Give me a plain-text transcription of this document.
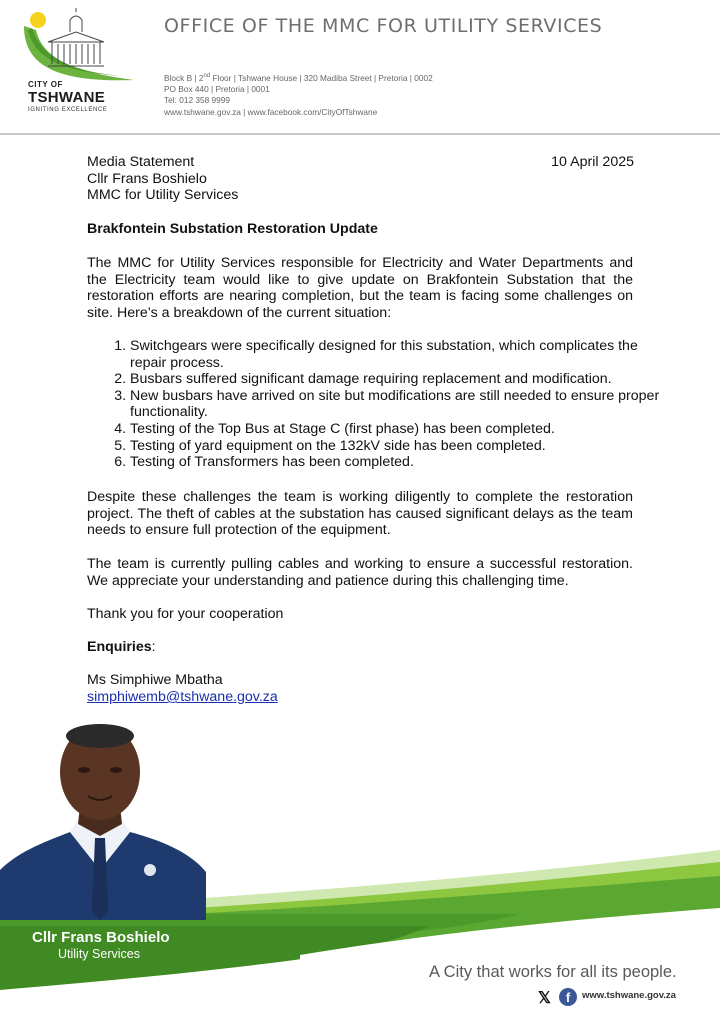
CITY OF
TSHWANE
IGNITING EXCELLENCE
OFFICE OF THE MMC FOR UTILITY SERVICES
Block B | 2nd Floor | Tshwane House | 320 Madiba Street | Pretoria | 0002
PO Box 440 | Pretoria | 0001
Tel: 012 358 9999
www.tshwane.gov.za | www.facebook.com/CityOfTshwane
Media Statement
Cllr Frans Boshielo
MMC for Utility Services
10 April 2025
Brakfontein Substation Restoration Update
The MMC for Utility Services responsible for Electricity and Water Departments and the Electricity team would like to give update on Brakfontein Substation that the restoration efforts are nearing completion, but the team is facing some challenges on site. Here’s a breakdown of the current situation:
1. Switchgears were specifically designed for this substation, which complicates the repair process.
2. Busbars suffered significant damage requiring replacement and modification.
3. New busbars have arrived on site but modifications are still needed to ensure proper functionality.
4. Testing of the Top Bus at Stage C (first phase) has been completed.
5. Testing of yard equipment on the 132kV side has been completed.
6. Testing of Transformers has been completed.
Despite these challenges the team is working diligently to complete the restoration project. The theft of cables at the substation has caused significant delays as the team needs to ensure full protection of the equipment.
The team is currently pulling cables and working to ensure a successful restoration. We appreciate your understanding and patience during this challenging time.
Thank you for your cooperation
Enquiries:
Ms Simphiwe Mbatha
simphiwemb@tshwane.gov.za
Cllr Frans Boshielo
Utility Services
A City that works for all its people.
𝕏	f	www.tshwane.gov.za
